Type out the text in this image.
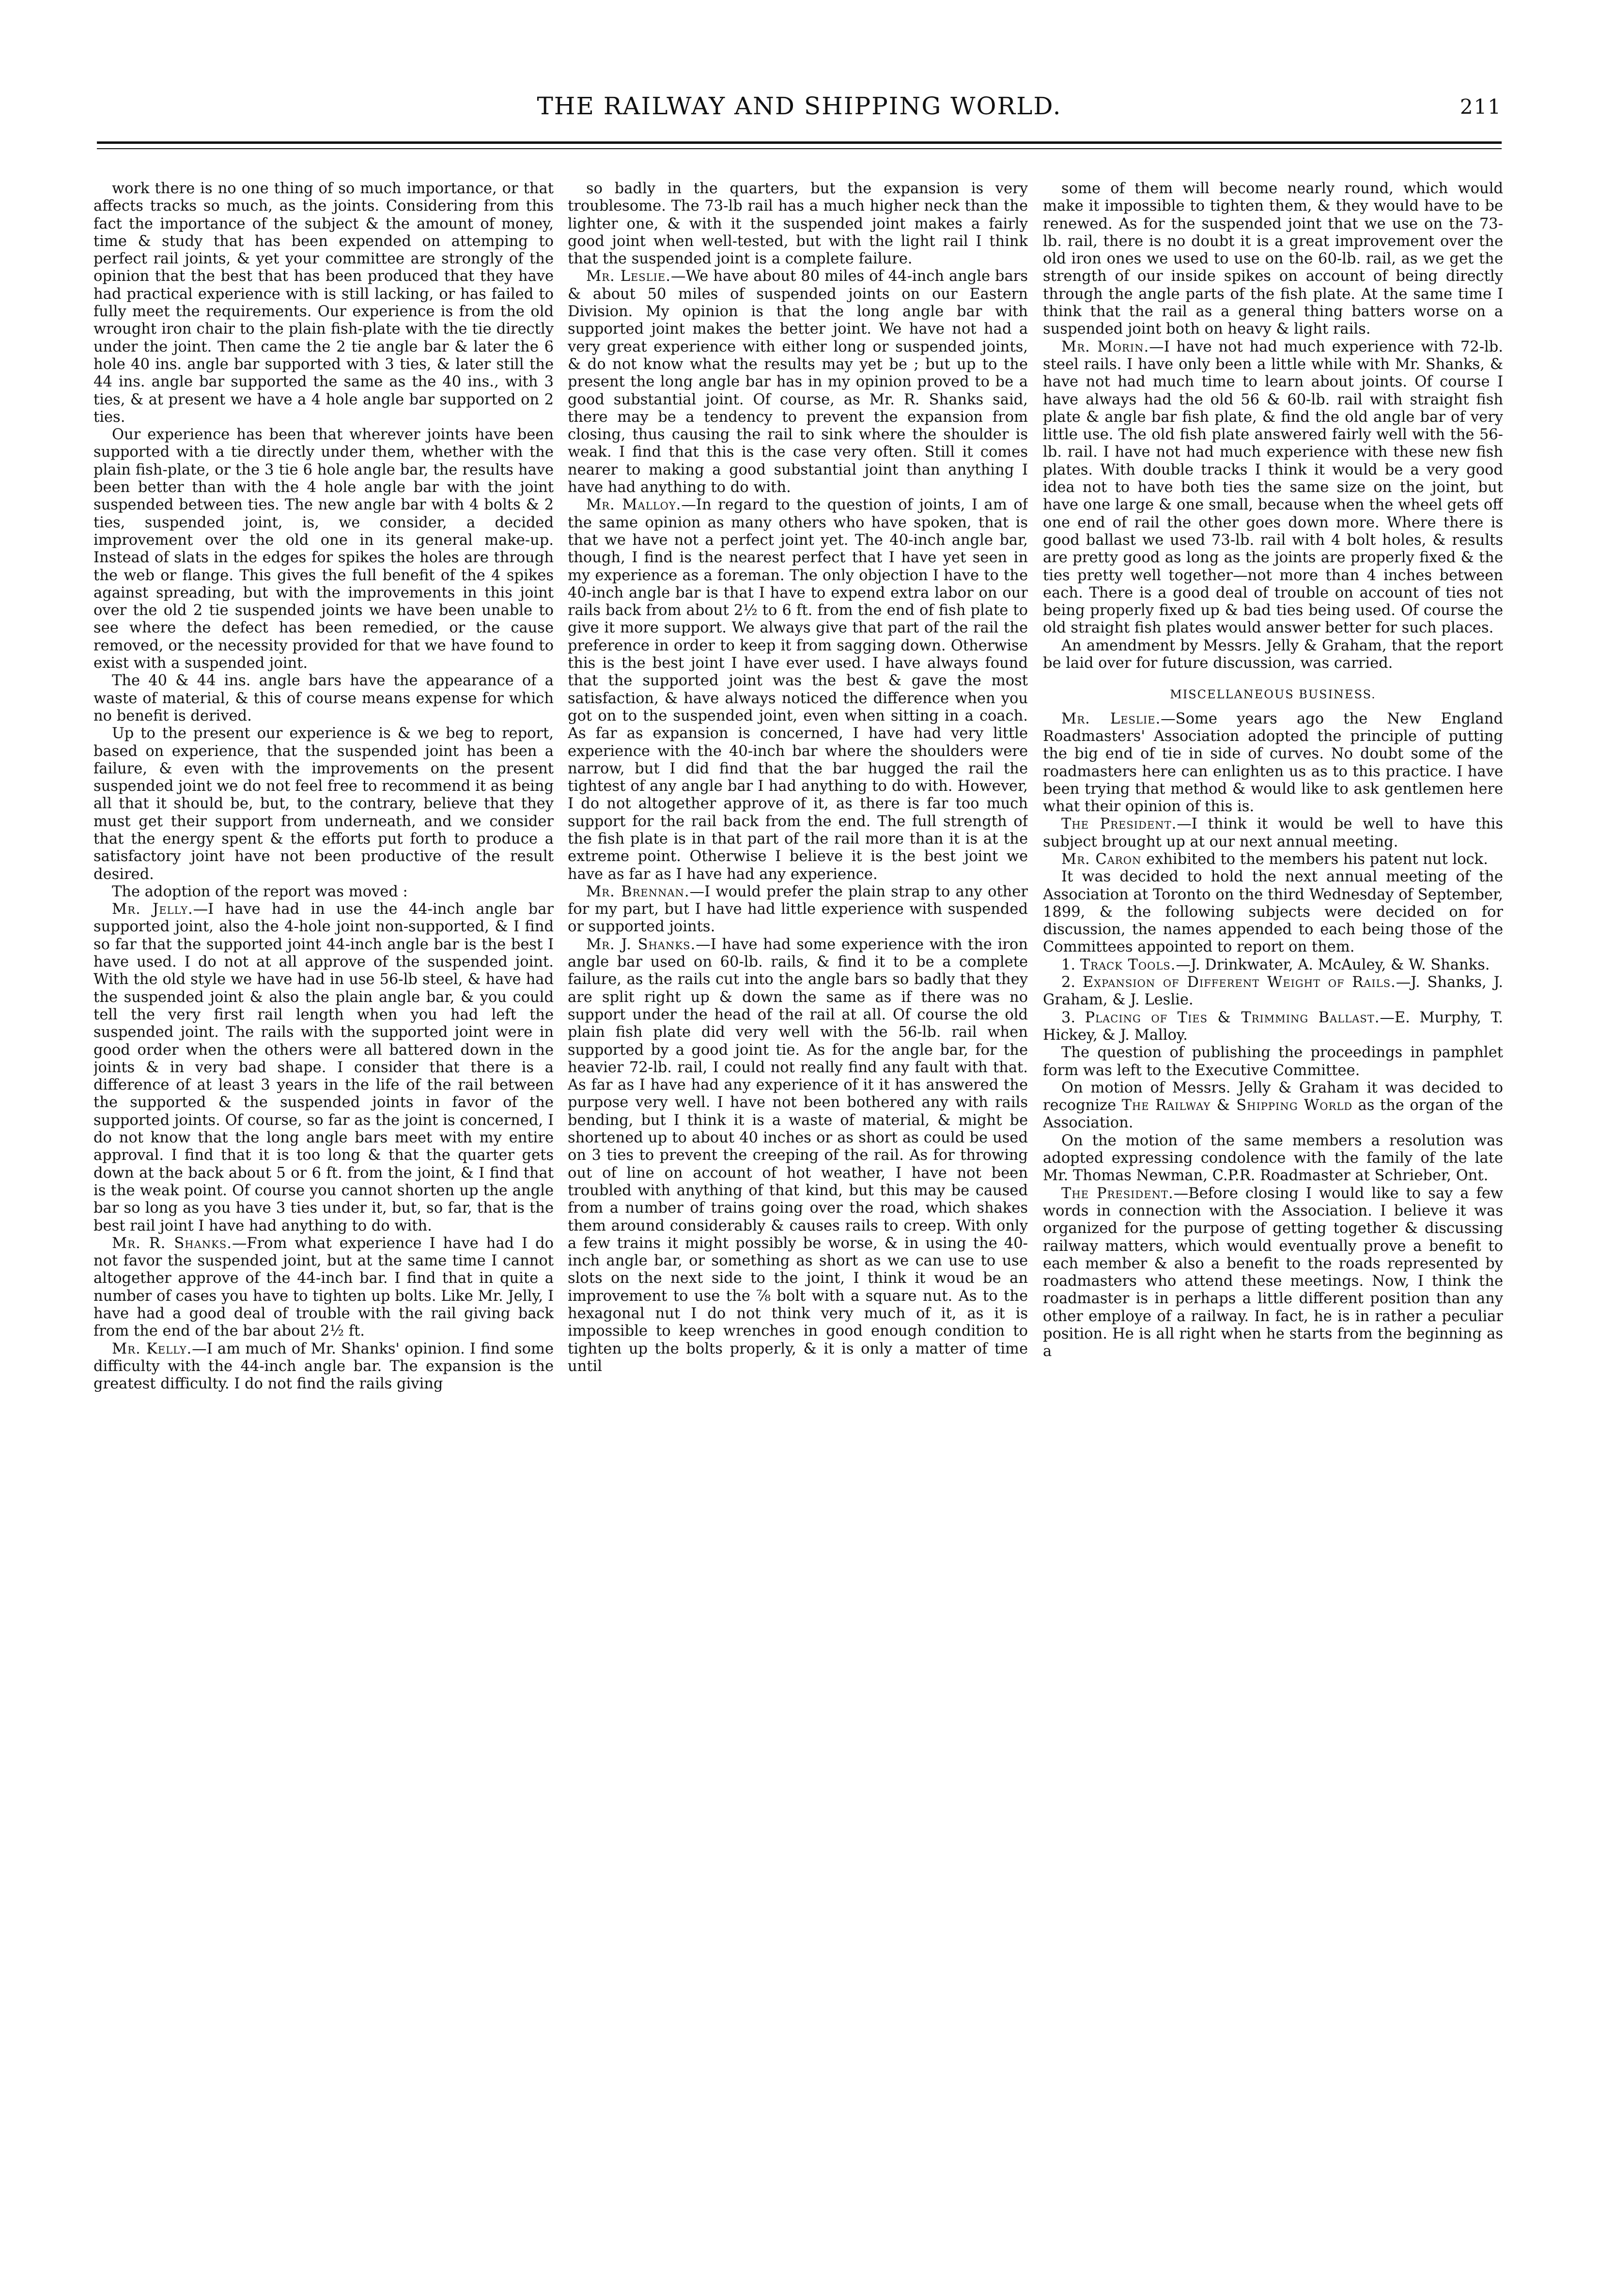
THE RAILWAY AND SHIPPING WORLD.	211

work there is no one thing of so much importance, or that affects tracks so much, as the joints. Considering from this fact the importance of the subject & the amount of money, time & study that has been expended on attemping to perfect rail joints, & yet your committee are strongly of the opinion that the best that has been produced that they have had practical experience with is still lacking, or has failed to fully meet the requirements. Our experience is from the old wrought iron chair to the plain fish-plate with the tie directly under the joint. Then came the 2 tie angle bar & later the 6 hole 40 ins. angle bar supported with 3 ties, & later still the 44 ins. angle bar supported the same as the 40 ins., with 3 ties, & at present we have a 4 hole angle bar supported on 2 ties.

Our experience has been that wherever joints have been supported with a tie directly under them, whether with the plain fish-plate, or the 3 tie 6 hole angle bar, the results have been better than with the 4 hole angle bar with the joint suspended between ties. The new angle bar with 4 bolts & 2 ties, suspended joint, is, we consider, a decided improvement over the old one in its general make-up. Instead of slats in the edges for spikes the holes are through the web or flange. This gives the full benefit of the 4 spikes against spreading, but with the improvements in this joint over the old 2 tie suspended joints we have been unable to see where the defect has been remedied, or the cause removed, or the necessity provided for that we have found to exist with a suspended joint.

The 40 & 44 ins. angle bars have the appearance of a waste of material, & this of course means expense for which no benefit is derived.

Up to the present our experience is & we beg to report, based on experience, that the suspended joint has been a failure, & even with the improvements on the present suspended joint we do not feel free to recommend it as being all that it should be, but, to the contrary, believe that they must get their support from underneath, and we consider that the energy spent & the efforts put forth to produce a satisfactory joint have not been productive of the result desired.

The adoption of the report was moved :

Mr. Jelly.—I have had in use the 44-inch angle bar supported joint, also the 4-hole joint non-supported, & I find so far that the supported joint 44-inch angle bar is the best I have used. I do not at all approve of the suspended joint. With the old style we have had in use 56-lb steel, & have had the suspended joint & also the plain angle bar, & you could tell the very first rail length when you had left the suspended joint. The rails with the supported joint were in good order when the others were all battered down in the joints & in very bad shape. I consider that there is a difference of at least 3 years in the life of the rail between the supported & the suspended joints in favor of the supported joints. Of course, so far as the joint is concerned, I do not know that the long angle bars meet with my entire approval. I find that it is too long & that the quarter gets down at the back about 5 or 6 ft. from the joint, & I find that is the weak point. Of course you cannot shorten up the angle bar so long as you have 3 ties under it, but, so far, that is the best rail joint I have had anything to do with.

Mr. R. Shanks.—From what experience I have had I do not favor the suspended joint, but at the same time I cannot altogether approve of the 44-inch bar. I find that in quite a number of cases you have to tighten up bolts. Like Mr. Jelly, I have had a good deal of trouble with the rail giving back from the end of the bar about 2½ ft.

Mr. Kelly.—I am much of Mr. Shanks' opinion. I find some difficulty with the 44-inch angle bar. The expansion is the greatest difficulty. I do not find the rails giving

so badly in the quarters, but the expansion is very troublesome. The 73-lb rail has a much higher neck than the lighter one, & with it the suspended joint makes a fairly good joint when well-tested, but with the light rail I think that the suspended joint is a complete failure.

Mr. Leslie.—We have about 80 miles of 44-inch angle bars & about 50 miles of suspended joints on our Eastern Division. My opinion is that the long angle bar with supported joint makes the better joint. We have not had a very great experience with either long or suspended joints, & do not know what the results may yet be ; but up to the present the long angle bar has in my opinion proved to be a good substantial joint. Of course, as Mr. R. Shanks said, there may be a tendency to prevent the expansion from closing, thus causing the rail to sink where the shoulder is weak. I find that this is the case very often. Still it comes nearer to making a good substantial joint than anything I have had anything to do with.

Mr. Malloy.—In regard to the question of joints, I am of the same opinion as many others who have spoken, that is that we have not a perfect joint yet. The 40-inch angle bar, though, I find is the nearest perfect that I have yet seen in my experience as a foreman. The only objection I have to the 40-inch angle bar is that I have to expend extra labor on our rails back from about 2½ to 6 ft. from the end of fish plate to give it more support. We always give that part of the rail the preference in order to keep it from sagging down. Otherwise this is the best joint I have ever used. I have always found that the supported joint was the best & gave the most satisfaction, & have always noticed the difference when you got on to the suspended joint, even when sitting in a coach. As far as expansion is concerned, I have had very little experience with the 40-inch bar where the shoulders were narrow, but I did find that the bar hugged the rail the tightest of any angle bar I had anything to do with. However, I do not altogether approve of it, as there is far too much support for the rail back from the end. The full strength of the fish plate is in that part of the rail more than it is at the extreme point. Otherwise I believe it is the best joint we have as far as I have had any experience.

Mr. Brennan.—I would prefer the plain strap to any other for my part, but I have had little experience with suspended or supported joints.

Mr. J. Shanks.—I have had some experience with the iron angle bar used on 60-lb. rails, & find it to be a complete failure, as the rails cut into the angle bars so badly that they are split right up & down the same as if there was no support under the head of the rail at all. Of course the old plain fish plate did very well with the 56-lb. rail when supported by a good joint tie. As for the angle bar, for the heavier 72-lb. rail, I could not really find any fault with that. As far as I have had any experience of it it has answered the purpose very well. I have not been bothered any with rails bending, but I think it is a waste of material, & might be shortened up to about 40 inches or as short as could be used on 3 ties to prevent the creeping of the rail. As for throwing out of line on account of hot weather, I have not been troubled with anything of that kind, but this may be caused from a number of trains going over the road, which shakes them around considerably & causes rails to creep. With only a few trains it might possibly be worse, & in using the 40-inch angle bar, or something as short as we can use to use slots on the next side to the joint, I think it woud be an improvement to use the ⅞ bolt with a square nut. As to the hexagonal nut I do not think very much of it, as it is impossible to keep wrenches in good enough condition to tighten up the bolts properly, & it is only a matter of time until

some of them will become nearly round, which would make it impossible to tighten them, & they would have to be renewed. As for the suspended joint that we use on the 73-lb. rail, there is no doubt it is a great improvement over the old iron ones we used to use on the 60-lb. rail, as we get the strength of our inside spikes on account of being directly through the angle parts of the fish plate. At the same time I think that the rail as a general thing batters worse on a suspended joint both on heavy & light rails.

Mr. Morin.—I have not had much experience with 72-lb. steel rails. I have only been a little while with Mr. Shanks, & have not had much time to learn about joints. Of course I have always had the old 56 & 60-lb. rail with straight fish plate & angle bar fish plate, & find the old angle bar of very little use. The old fish plate answered fairly well with the 56-lb. rail. I have not had much experience with these new fish plates. With double tracks I think it would be a very good idea not to have both ties the same size on the joint, but have one large & one small, because when the wheel gets off one end of rail the other goes down more. Where there is good ballast we used 73-lb. rail with 4 bolt holes, & results are pretty good as long as the joints are properly fixed & the ties pretty well together—not more than 4 inches between each. There is a good deal of trouble on account of ties not being properly fixed up & bad ties being used. Of course the old straight fish plates would answer better for such places.

An amendment by Messrs. Jelly & Graham, that the report be laid over for future discussion, was carried.

MISCELLANEOUS BUSINESS.

Mr. Leslie.—Some years ago the New England Roadmasters' Association adopted the principle of putting the big end of tie in side of curves. No doubt some of the roadmasters here can enlighten us as to this practice. I have been trying that method & would like to ask gentlemen here what their opinion of this is.

The President.—I think it would be well to have this subject brought up at our next annual meeting.

Mr. Caron exhibited to the members his patent nut lock.

It was decided to hold the next annual meeting of the Association at Toronto on the third Wednesday of September, 1899, & the following subjects were decided on for discussion, the names appended to each being those of the Committees appointed to report on them.

1. Track Tools.—J. Drinkwater, A. McAuley, & W. Shanks.

2. Expansion of Different Weight of Rails.—J. Shanks, J. Graham, & J. Leslie.

3. Placing of Ties & Trimming Ballast.—E. Murphy, T. Hickey, & J. Malloy.

The question of publishing the proceedings in pamphlet form was left to the Executive Committee.

On motion of Messrs. Jelly & Graham it was decided to recognize The Railway & Shipping World as the organ of the Association.

On the motion of the same members a resolution was adopted expressing condolence with the family of the late Mr. Thomas Newman, C.P.R. Roadmaster at Schrieber, Ont.

The President.—Before closing I would like to say a few words in connection with the Association. I believe it was organized for the purpose of getting together & discussing railway matters, which would eventually prove a benefit to each member & also a benefit to the roads represented by roadmasters who attend these meetings. Now, I think the roadmaster is in perhaps a little different position than any other employe of a railway. In fact, he is in rather a peculiar position. He is all right when he starts from the beginning as a
